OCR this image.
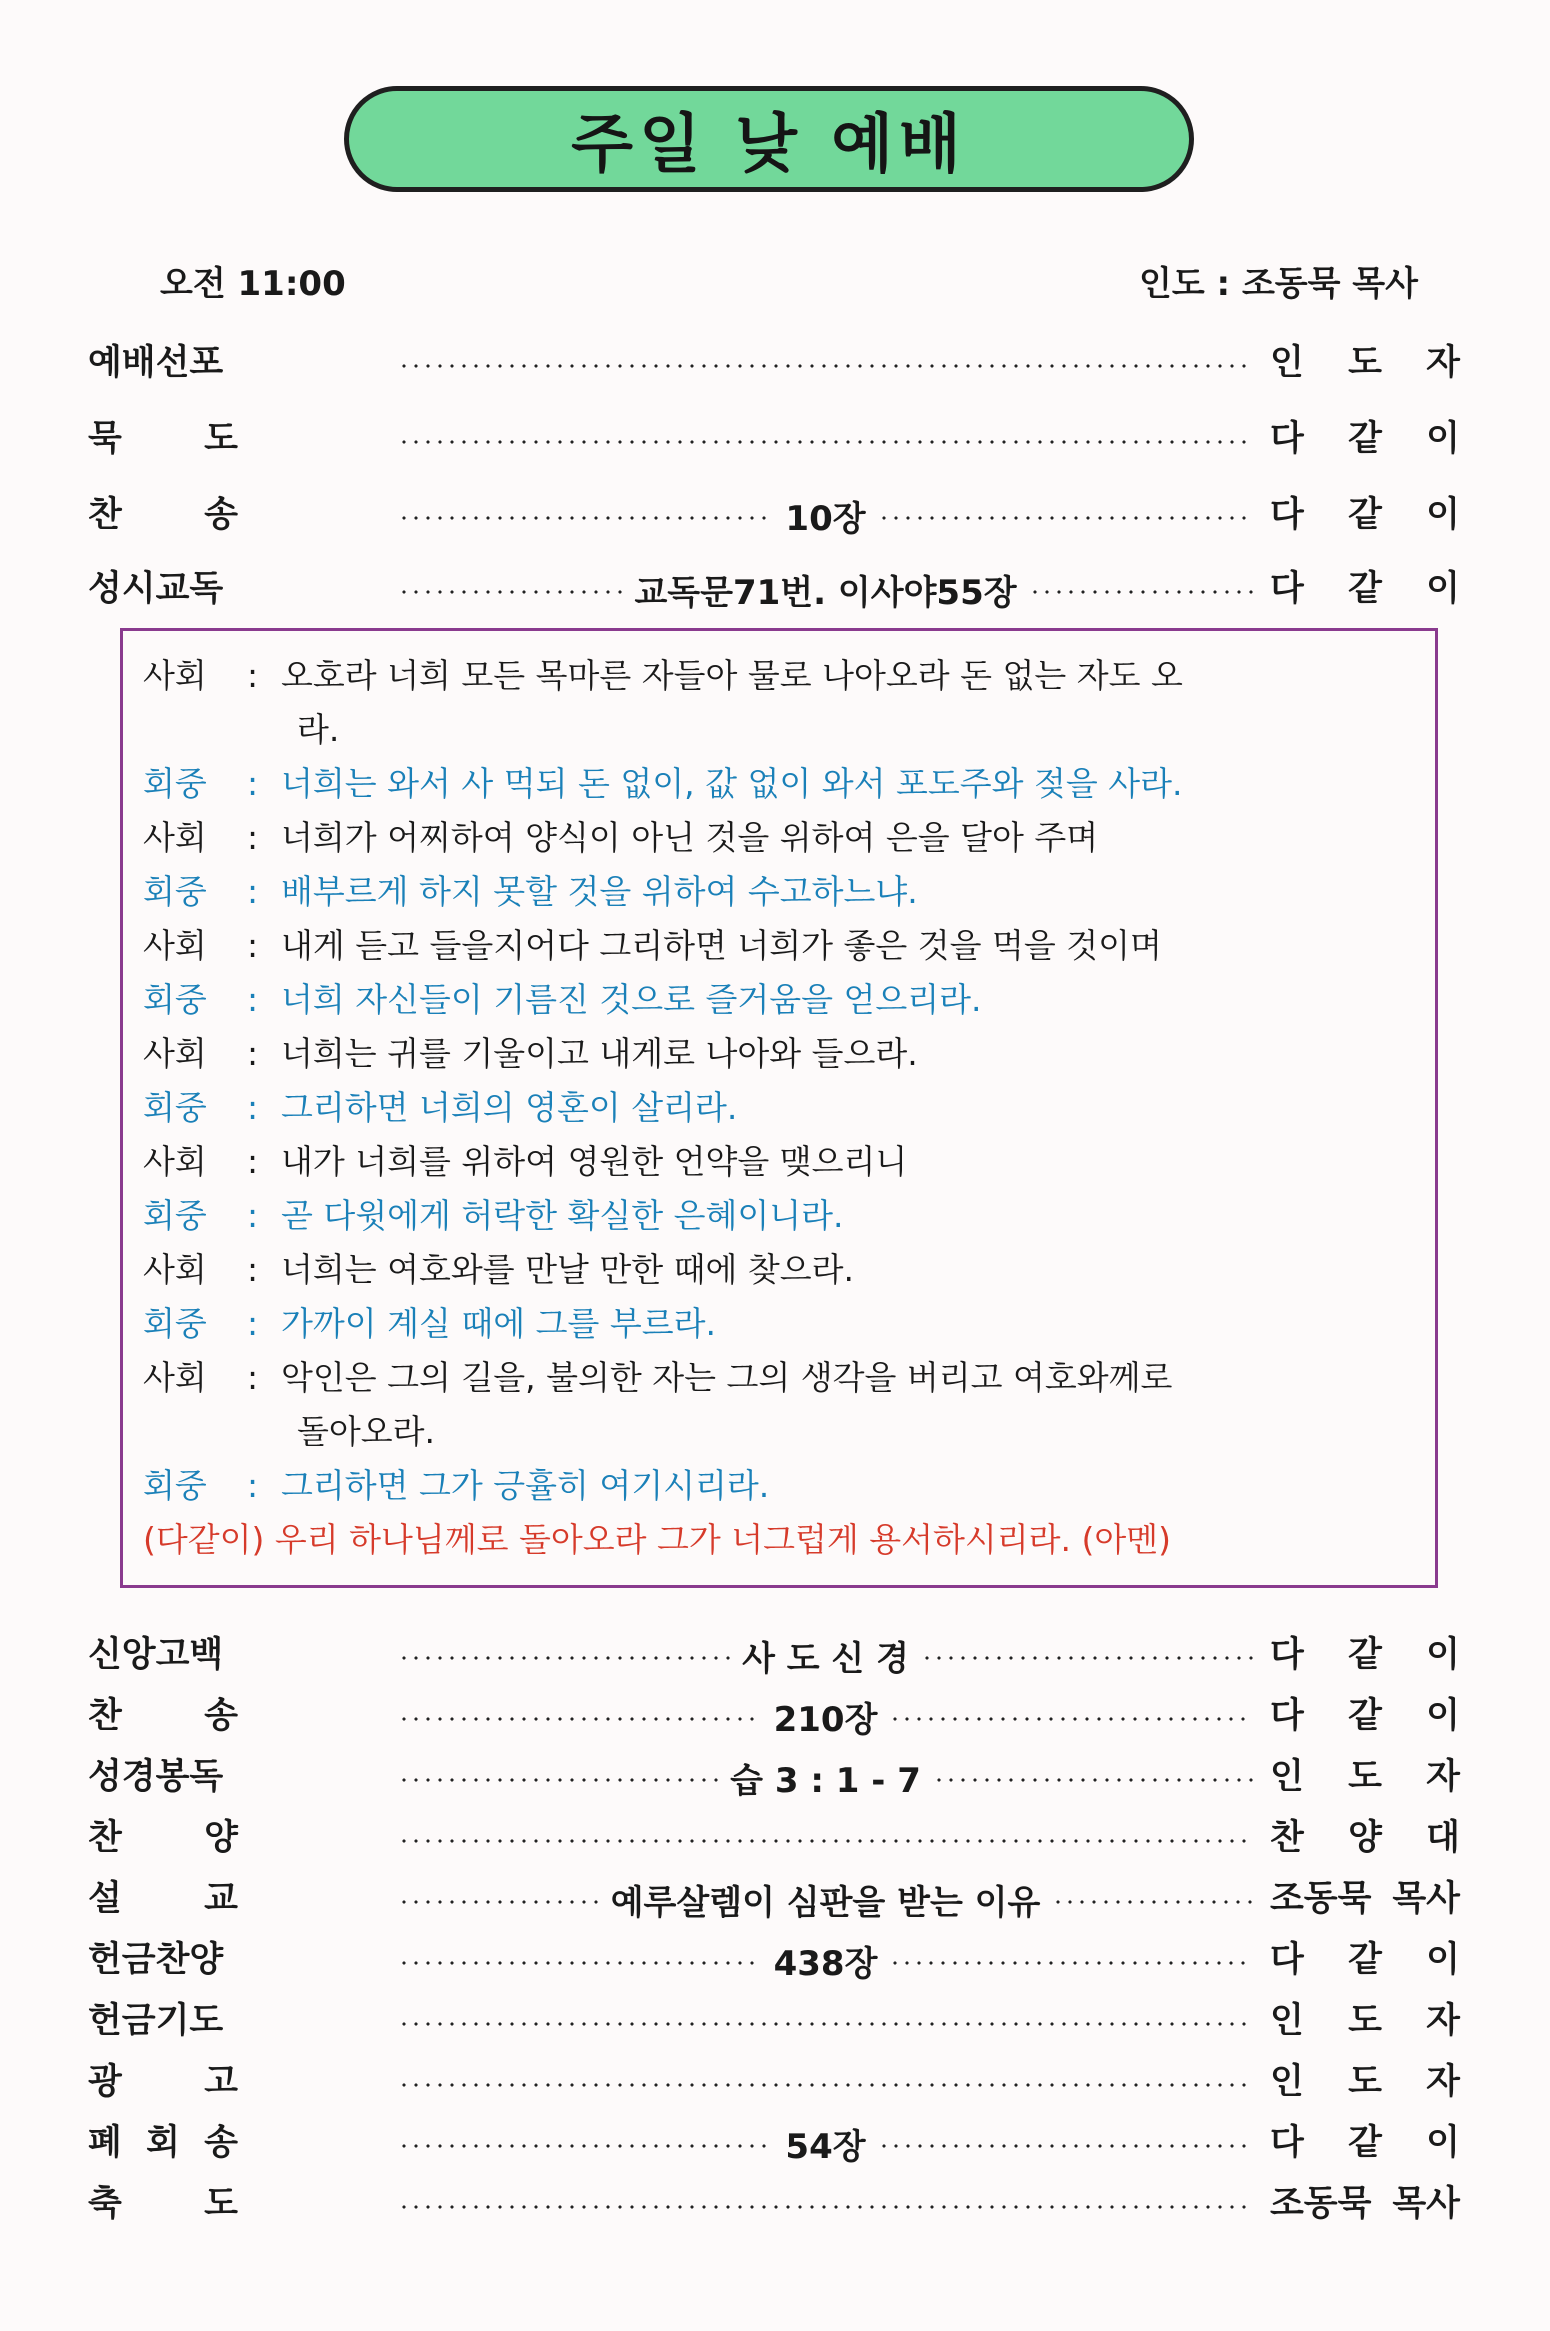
주일 낮 예배
오전 11:00	인도 : 조동묵 목사
예배선포	인 도 자
묵 도	다 같 이
찬 송	10장	다 같 이
성시교독	교독문71번. 이사야55장	다 같 이
사회 : 오호라 너희 모든 목마른 자들아 물로 나아오라 돈 없는 자도 오
라.
회중 : 너희는 와서 사 먹되 돈 없이, 값 없이 와서 포도주와 젖을 사라.
사회 : 너희가 어찌하여 양식이 아닌 것을 위하여 은을 달아 주며
회중 : 배부르게 하지 못할 것을 위하여 수고하느냐.
사회 : 내게 듣고 들을지어다 그리하면 너희가 좋은 것을 먹을 것이며
회중 : 너희 자신들이 기름진 것으로 즐거움을 얻으리라.
사회 : 너희는 귀를 기울이고 내게로 나아와 들으라.
회중 : 그리하면 너희의 영혼이 살리라.
사회 : 내가 너희를 위하여 영원한 언약을 맺으리니
회중 : 곧 다윗에게 허락한 확실한 은혜이니라.
사회 : 너희는 여호와를 만날 만한 때에 찾으라.
회중 : 가까이 계실 때에 그를 부르라.
사회 : 악인은 그의 길을, 불의한 자는 그의 생각을 버리고 여호와께로
돌아오라.
회중 : 그리하면 그가 긍휼히 여기시리라.
(다같이) 우리 하나님께로 돌아오라 그가 너그럽게 용서하시리라. (아멘)
신앙고백	사 도 신 경	다 같 이
찬 송	210장	다 같 이
성경봉독	습 3 : 1 - 7	인 도 자
찬 양	찬 양 대
설 교	예루살렘이 심판을 받는 이유	조동묵 목사
헌금찬양	438장	다 같 이
헌금기도	인 도 자
광 고	인 도 자
폐 회 송	54장	다 같 이
축 도	조동묵 목사
